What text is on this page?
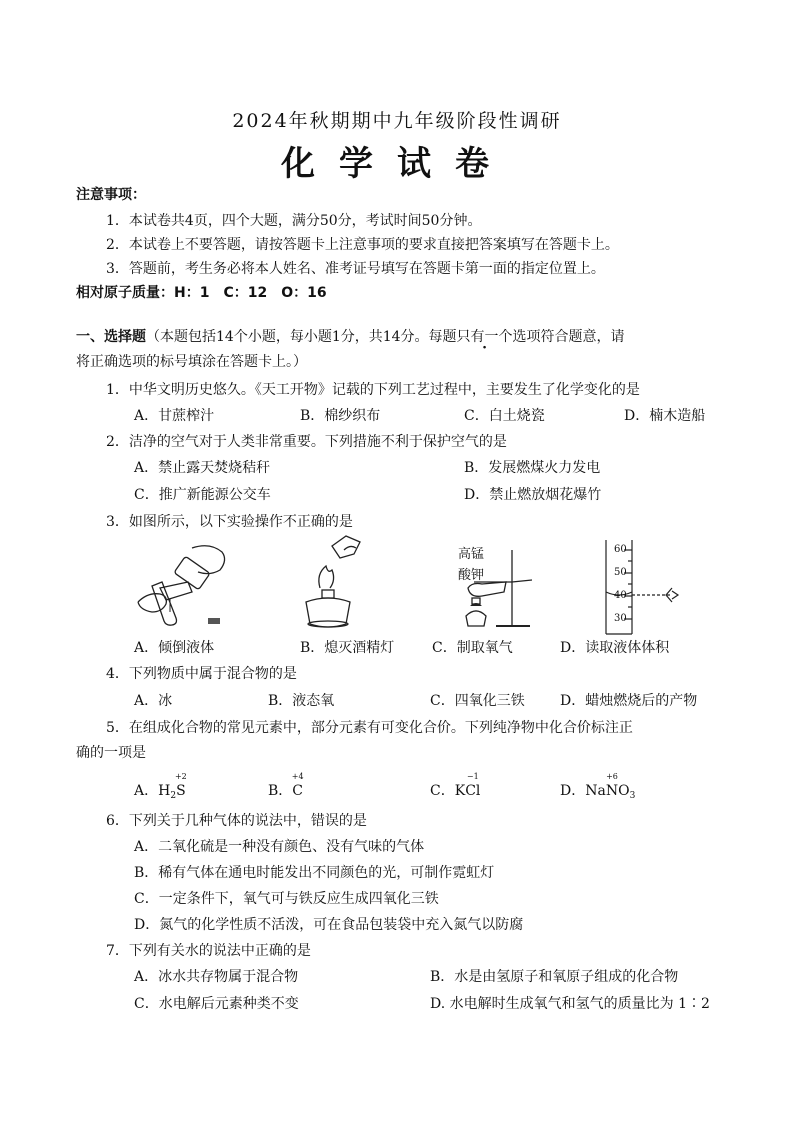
2024年秋期期中九年级阶段性调研
化学试卷
注意事项：
1．本试卷共4页，四个大题，满分50分，考试时间50分钟。
2．本试卷上不要答题，请按答题卡上注意事项的要求直接把答案填写在答题卡上。
3．答题前，考生务必将本人姓名、准考证号填写在答题卡第一面的指定位置上。
相对原子质量：H：1　C：12　O：16
一、选择题（本题包括14个小题，每小题1分，共14分。每题只有一个选项符合题意，请
将正确选项的标号填涂在答题卡上。）
1．中华文明历史悠久。《天工开物》记载的下列工艺过程中，主要发生了化学变化的是
A．甘蔗榨汁	B．棉纱织布	C．白土烧瓷	D．楠木造船
2．洁净的空气对于人类非常重要。下列措施不利于保护空气的是
A．禁止露天焚烧秸秆	B．发展燃煤火力发电
C．推广新能源公交车	D．禁止燃放烟花爆竹
3．如图所示，以下实验操作不正确的是
高锰
酸钾
60
50
40
30
A．倾倒液体	B．熄灭酒精灯	C．制取氧气	D．读取液体体积
4．下列物质中属于混合物的是
A．冰	B．液态氧	C．四氧化三铁	D．蜡烛燃烧后的产物
5．在组成化合物的常见元素中，部分元素有可变化合价。下列纯净物中化合价标注正
确的一项是
A．$H_2$
+2
S	B．
+4
C	C．K
−1
Cl	D．Na
+6
$NO_3$
6．下列关于几种气体的说法中，错误的是
A．二氧化硫是一种没有颜色、没有气味的气体
B．稀有气体在通电时能发出不同颜色的光，可制作霓虹灯
C．一定条件下，氧气可与铁反应生成四氧化三铁
D．氮气的化学性质不活泼，可在食品包装袋中充入氮气以防腐
7．下列有关水的说法中正确的是
A．冰水共存物属于混合物	B．水是由氢原子和氧原子组成的化合物
C．水电解后元素种类不变	D. 水电解时生成氧气和氢气的质量比为 1∶2
